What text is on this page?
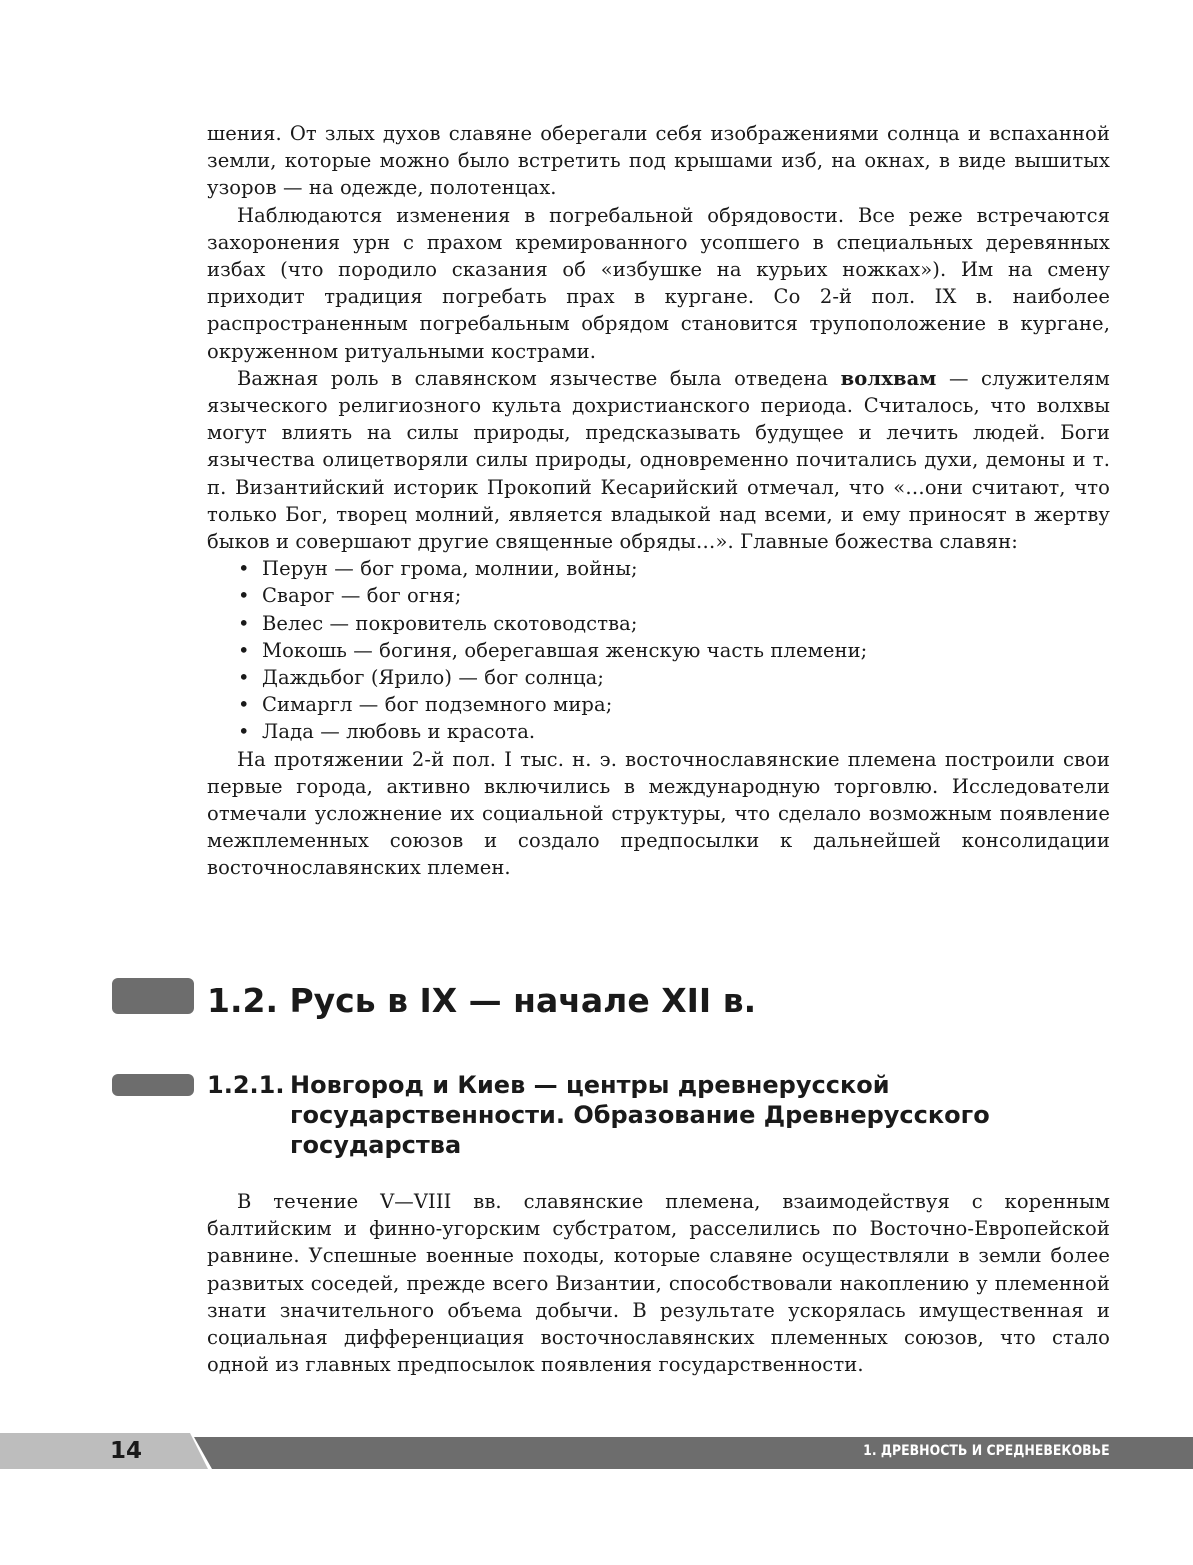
шения. От злых духов славяне оберегали себя изображениями солнца и вспаханной земли, которые можно было встретить под крышами изб, на окнах, в виде вышитых узоров — на одежде, полотенцах.

Наблюдаются изменения в погребальной обрядовости. Все реже встречаются захоронения урн с прахом кремированного усопшего в специальных деревянных избах (что породило сказания об «избушке на курьих ножках»). Им на смену приходит традиция погребать прах в кургане. Со 2-й пол. IX в. наиболее распространенным погребальным обрядом становится трупоположение в кургане, окруженном ритуальными кострами.

Важная роль в славянском язычестве была отведена волхвам — служителям языческого религиозного культа дохристианского периода. Считалось, что волхвы могут влиять на силы природы, предсказывать будущее и лечить людей. Боги язычества олицетворяли силы природы, одновременно почитались духи, демоны и т. п. Византийский историк Прокопий Кесарийский отмечал, что «…они считают, что только Бог, творец молний, является владыкой над всеми, и ему приносят в жертву быков и совершают другие священные обряды…». Главные божества славян:

• Перун — бог грома, молнии, войны;
• Сварог — бог огня;
• Велес — покровитель скотоводства;
• Мокошь — богиня, оберегавшая женскую часть племени;
• Даждьбог (Ярило) — бог солнца;
• Симаргл — бог подземного мира;
• Лада — любовь и красота.

На протяжении 2-й пол. I тыс. н. э. восточнославянские племена построили свои первые города, активно включились в международную торговлю. Исследователи отмечали усложнение их социальной структуры, что сделало возможным появление межплеменных союзов и создало предпосылки к дальнейшей консолидации восточнославянских племен.

1.2. Русь в IX — начале XII в.
1.2.1. Новгород и Киев — центры древнерусской государственности. Образование Древнерусского государства

В течение V—VIII вв. славянские племена, взаимодействуя с коренным балтийским и финно-угорским субстратом, расселились по Восточно-Европейской равнине. Успешные военные походы, которые славяне осуществляли в земли более развитых соседей, прежде всего Византии, способствовали накоплению у племенной знати значительного объема добычи. В результате ускорялась имущественная и социальная дифференциация восточнославянских племенных союзов, что стало одной из главных предпосылок появления государственности.

14	1. ДРЕВНОСТЬ И СРЕДНЕВЕКОВЬЕ
